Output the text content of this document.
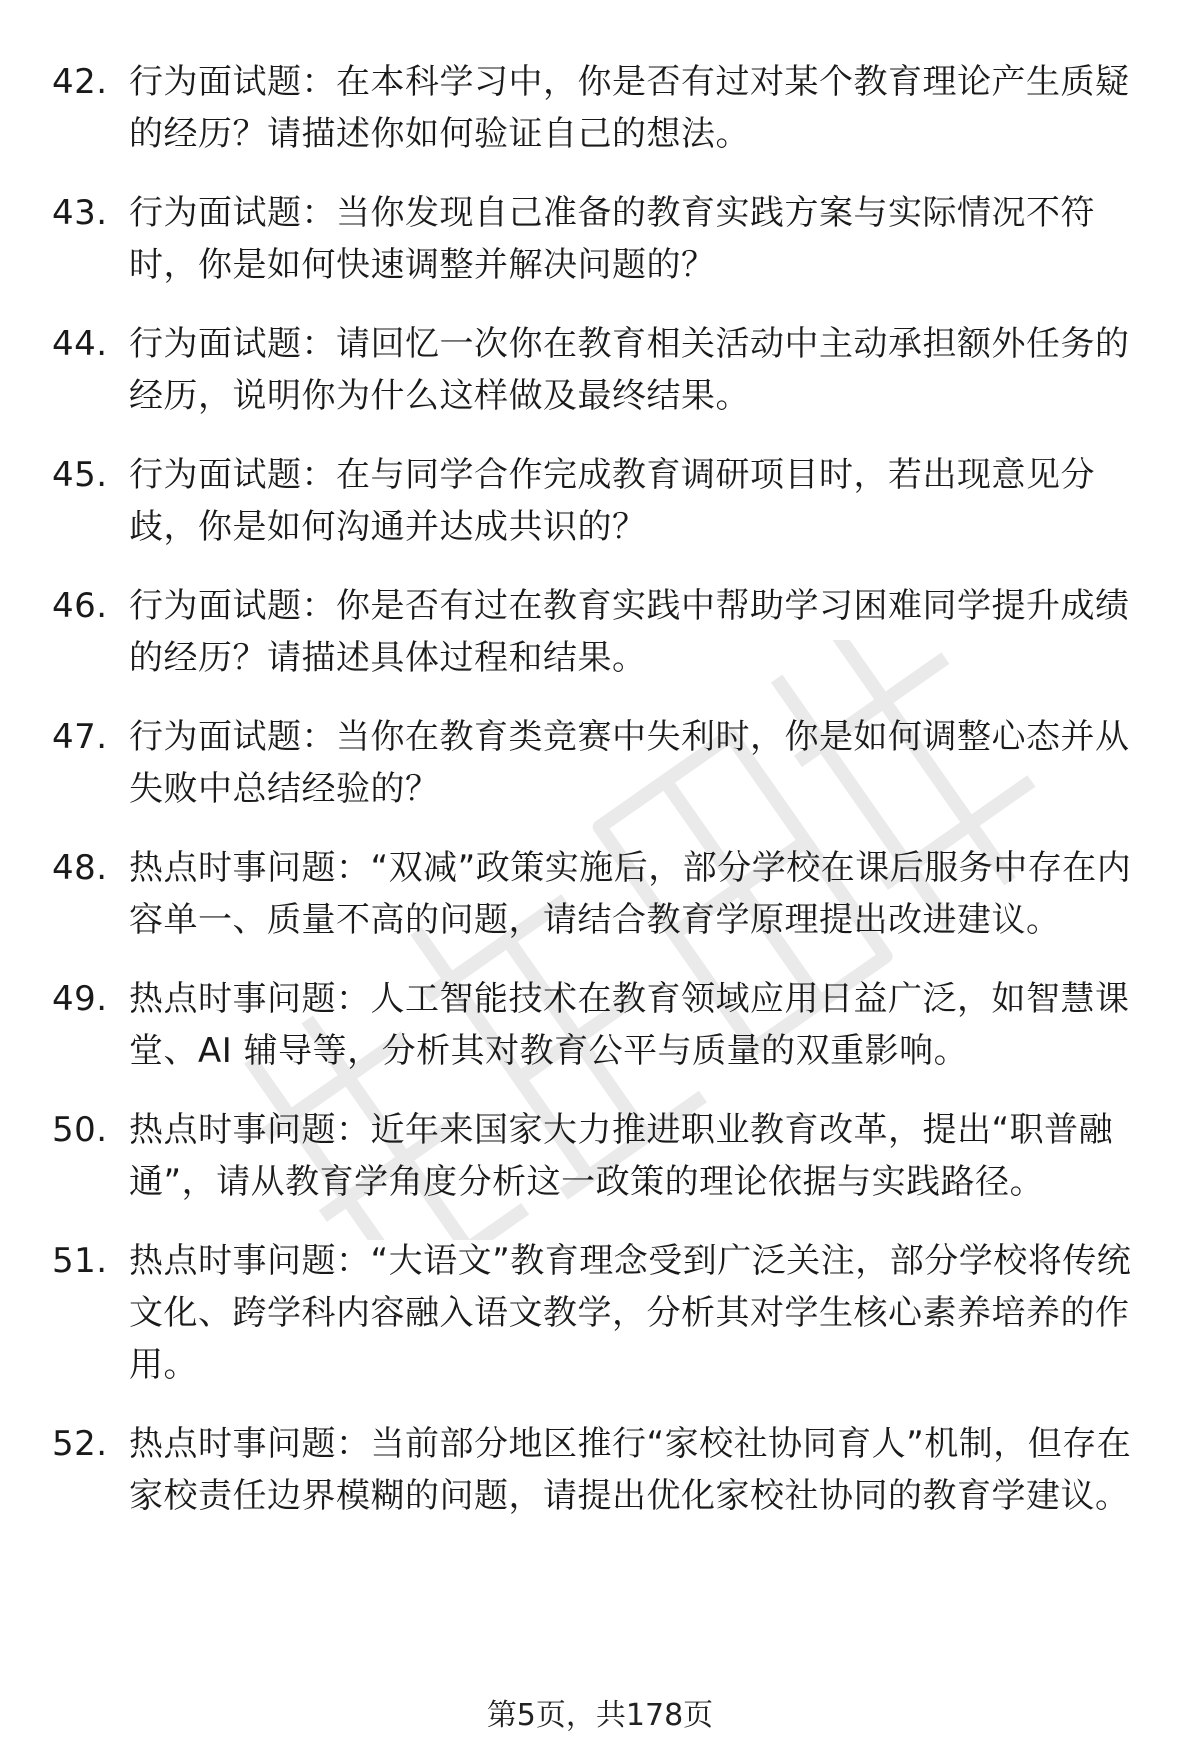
42. 行为面试题：在本科学习中，你是否有过对某个教育理论产生质疑的经历？请描述你如何验证自己的想法。
43. 行为面试题：当你发现自己准备的教育实践方案与实际情况不符时，你是如何快速调整并解决问题的？
44. 行为面试题：请回忆一次你在教育相关活动中主动承担额外任务的经历，说明你为什么这样做及最终结果。
45. 行为面试题：在与同学合作完成教育调研项目时，若出现意见分歧，你是如何沟通并达成共识的？
46. 行为面试题：你是否有过在教育实践中帮助学习困难同学提升成绩的经历？请描述具体过程和结果。
47. 行为面试题：当你在教育类竞赛中失利时，你是如何调整心态并从失败中总结经验的？
48. 热点时事问题：“双减”政策实施后，部分学校在课后服务中存在内容单一、质量不高的问题，请结合教育学原理提出改进建议。
49. 热点时事问题：人工智能技术在教育领域应用日益广泛，如智慧课堂、AI 辅导等，分析其对教育公平与质量的双重影响。
50. 热点时事问题：近年来国家大力推进职业教育改革，提出“职普融通”，请从教育学角度分析这一政策的理论依据与实践路径。
51. 热点时事问题：“大语文”教育理念受到广泛关注，部分学校将传统文化、跨学科内容融入语文教学，分析其对学生核心素养培养的作用。
52. 热点时事问题：当前部分地区推行“家校社协同育人”机制，但存在家校责任边界模糊的问题，请提出优化家校社协同的教育学建议。
第5页，共178页
